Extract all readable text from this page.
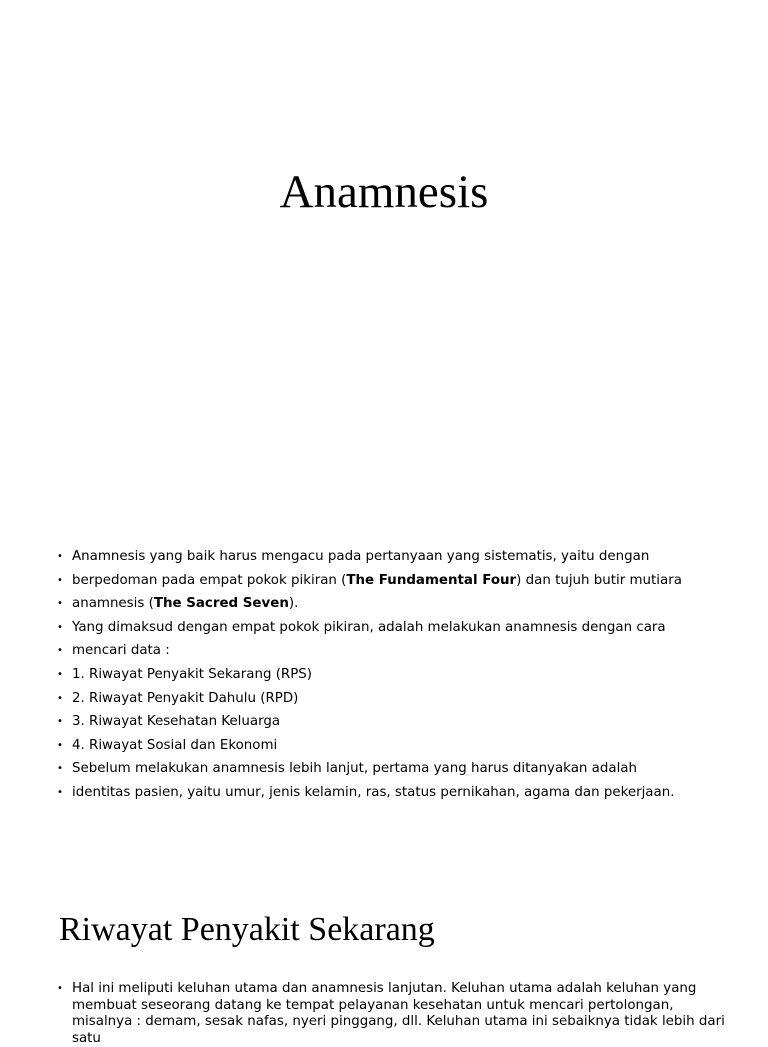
Anamnesis
• Anamnesis yang baik harus mengacu pada pertanyaan yang sistematis, yaitu dengan
• berpedoman pada empat pokok pikiran (The Fundamental Four) dan tujuh butir mutiara
• anamnesis (The Sacred Seven).
• Yang dimaksud dengan empat pokok pikiran, adalah melakukan anamnesis dengan cara
• mencari data :
• 1. Riwayat Penyakit Sekarang (RPS)
• 2. Riwayat Penyakit Dahulu (RPD)
• 3. Riwayat Kesehatan Keluarga
• 4. Riwayat Sosial dan Ekonomi
• Sebelum melakukan anamnesis lebih lanjut, pertama yang harus ditanyakan adalah
• identitas pasien, yaitu umur, jenis kelamin, ras, status pernikahan, agama dan pekerjaan.
Riwayat Penyakit Sekarang

• Hal ini meliputi keluhan utama dan anamnesis lanjutan. Keluhan utama adalah keluhan yang membuat seseorang datang ke tempat pelayanan kesehatan untuk mencari pertolongan, misalnya : demam, sesak nafas, nyeri pinggang, dll. Keluhan utama ini sebaiknya tidak lebih dari satu
